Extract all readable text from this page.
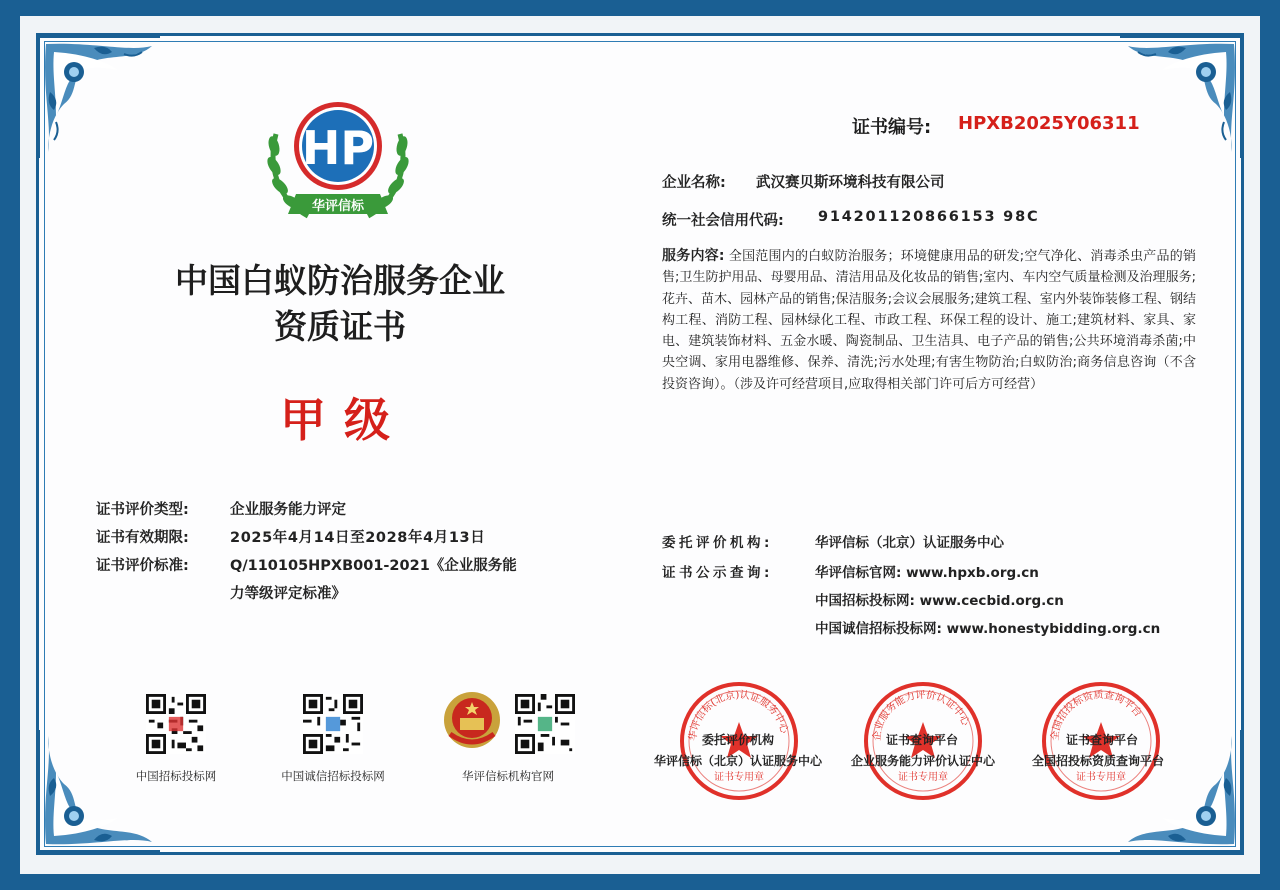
HP
华评信标
中国白蚁防治服务企业
资质证书
甲级
证书编号: HPXB2025Y06311
企业名称: 武汉赛贝斯环境科技有限公司
统一社会信用代码: 914201120866153 98C
服务内容: 全国范围内的白蚁防治服务；环境健康用品的研发;空气净化、消毒杀虫产品的销售;卫生防护用品、母婴用品、清洁用品及化妆品的销售;室内、车内空气质量检测及治理服务;花卉、苗木、园林产品的销售;保洁服务;会议会展服务;建筑工程、室内外装饰装修工程、钢结构工程、消防工程、园林绿化工程、市政工程、环保工程的设计、施工;建筑材料、家具、家电、建筑装饰材料、五金水暖、陶瓷制品、卫生洁具、电子产品的销售;公共环境消毒杀菌;中央空调、家用电器维修、保养、清洗;污水处理;有害生物防治;白蚁防治;商务信息咨询（不含投资咨询）。（涉及许可经营项目,应取得相关部门许可后方可经营）
证书评价类型:	企业服务能力评定
证书有效期限:	2025年4月14日至2028年4月13日
证书评价标准:	Q/110105HPXB001-2021《企业服务能
力等级评定标准》
委托评价机构:	华评信标（北京）认证服务中心
证书公示查询:	华评信标官网: www.hpxb.org.cn
中国招标投标网: www.cecbid.org.cn
中国诚信招标投标网: www.honestybidding.org.cn
中国招标投标网	中国诚信招标投标网	华评信标机构官网
华评信标(北京)认证服务中心
证书专用章
企业服务能力评价认证中心
证书专用章
全国招投标资质查询平台
证书专用章
委托评价机构
华评信标（北京）认证服务中心
证书查询平台
企业服务能力评价认证中心
证书查询平台
全国招投标资质查询平台
